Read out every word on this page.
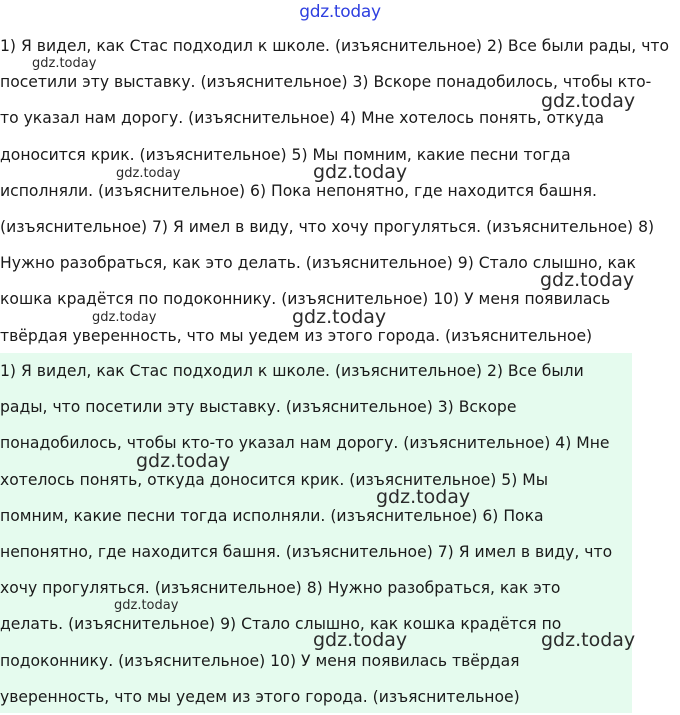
gdz.today

1) Я видел, как Стас подходил к школе. (изъяснительное) 2) Все были рады, что
посетили эту выставку. (изъяснительное) 3) Вскоре понадобилось, чтобы кто-
то указал нам дорогу. (изъяснительное) 4) Мне хотелось понять, откуда
доносится крик. (изъяснительное) 5) Мы помним, какие песни тогда
исполняли. (изъяснительное) 6) Пока непонятно, где находится башня.
(изъяснительное) 7) Я имел в виду, что хочу прогуляться. (изъяснительное) 8)
Нужно разобраться, как это делать. (изъяснительное) 9) Стало слышно, как
кошка крадётся по подоконнику. (изъяснительное) 10) У меня появилась
твёрдая уверенность, что мы уедем из этого города. (изъяснительное)

1) Я видел, как Стас подходил к школе. (изъяснительное) 2) Все были
рады, что посетили эту выставку. (изъяснительное) 3) Вскоре
понадобилось, чтобы кто-то указал нам дорогу. (изъяснительное) 4) Мне
хотелось понять, откуда доносится крик. (изъяснительное) 5) Мы
помним, какие песни тогда исполняли. (изъяснительное) 6) Пока
непонятно, где находится башня. (изъяснительное) 7) Я имел в виду, что
хочу прогуляться. (изъяснительное) 8) Нужно разобраться, как это
делать. (изъяснительное) 9) Стало слышно, как кошка крадётся по
подоконнику. (изъяснительное) 10) У меня появилась твёрдая
уверенность, что мы уедем из этого города. (изъяснительное)

gdz.today
gdz.today
gdz.today	gdz.today
gdz.today
gdz.today	gdz.today
gdz.today
gdz.today
gdz.today
gdz.today	gdz.today
